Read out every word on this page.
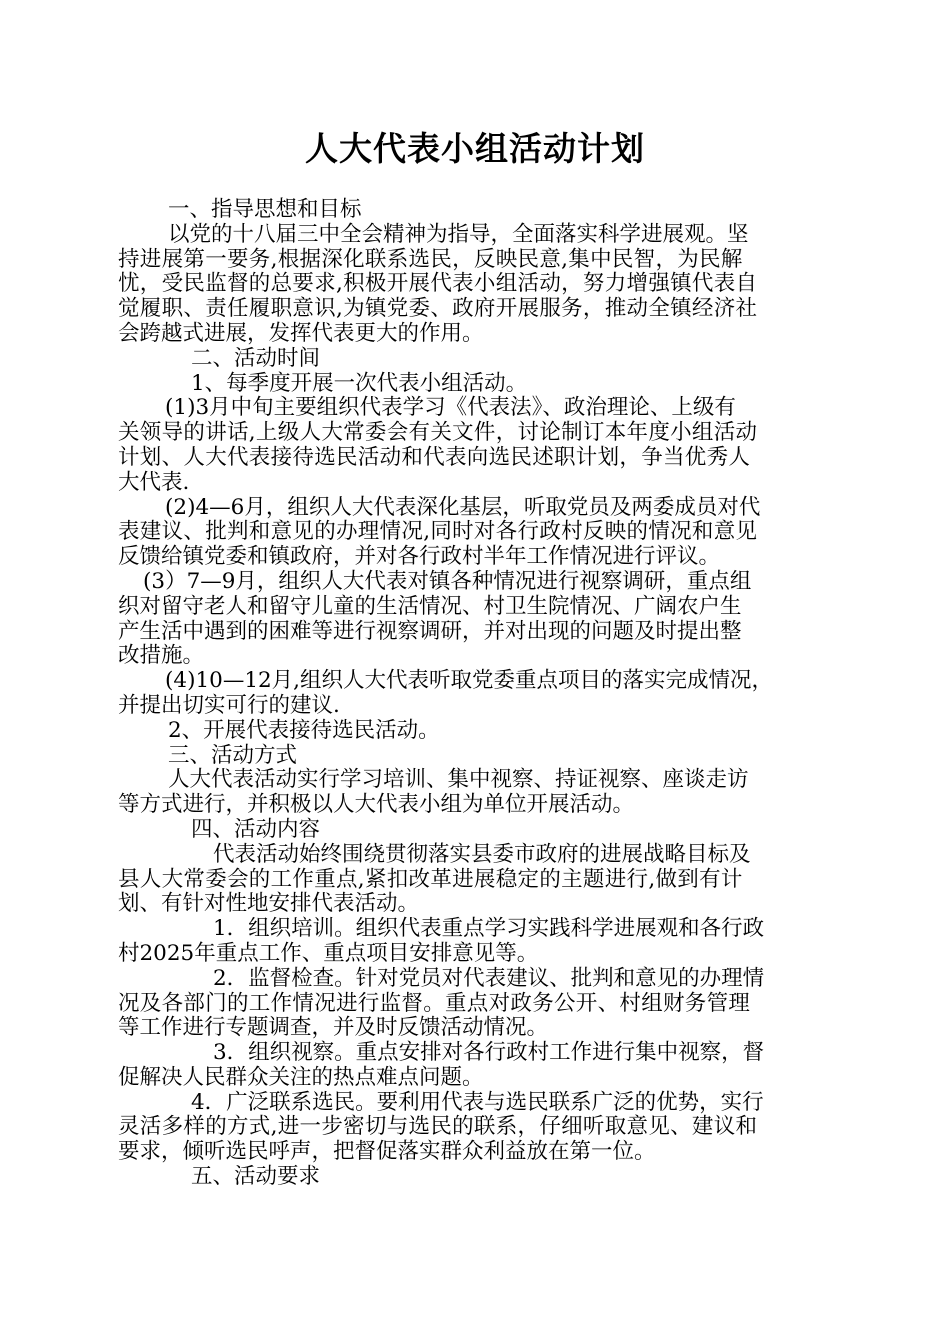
人大代表小组活动计划
一、指导思想和目标
以党的十八届三中全会精神为指导，全面落实科学进展观。坚
持进展第一要务,根据深化联系选民，反映民意,集中民智，为民解
忧，受民监督的总要求,积极开展代表小组活动，努力增强镇代表自
觉履职、责任履职意识,为镇党委、政府开展服务，推动全镇经济社
会跨越式进展，发挥代表更大的作用。
二、活动时间
1、每季度开展一次代表小组活动。
(1)3月中旬主要组织代表学习《代表法》、政治理论、上级有
关领导的讲话,上级人大常委会有关文件，讨论制订本年度小组活动
计划、人大代表接待选民活动和代表向选民述职计划，争当优秀人
大代表.
(2)4—6月，组织人大代表深化基层，听取党员及两委成员对代
表建议、批判和意见的办理情况,同时对各行政村反映的情况和意见
反馈给镇党委和镇政府，并对各行政村半年工作情况进行评议。
(3）7—9月，组织人大代表对镇各种情况进行视察调研，重点组
织对留守老人和留守儿童的生活情况、村卫生院情况、广阔农户生
产生活中遇到的困难等进行视察调研，并对出现的问题及时提出整
改措施。
(4)10—12月,组织人大代表听取党委重点项目的落实完成情况，
并提出切实可行的建议.
2、开展代表接待选民活动。
三、活动方式
人大代表活动实行学习培训、集中视察、持证视察、座谈走访
等方式进行，并积极以人大代表小组为单位开展活动。
四、活动内容
代表活动始终围绕贯彻落实县委市政府的进展战略目标及
县人大常委会的工作重点,紧扣改革进展稳定的主题进行,做到有计
划、有针对性地安排代表活动。
1．组织培训。组织代表重点学习实践科学进展观和各行政
村2025年重点工作、重点项目安排意见等。
2．监督检查。针对党员对代表建议、批判和意见的办理情
况及各部门的工作情况进行监督。重点对政务公开、村组财务管理
等工作进行专题调查，并及时反馈活动情况。
3．组织视察。重点安排对各行政村工作进行集中视察，督
促解决人民群众关注的热点难点问题。
4．广泛联系选民。要利用代表与选民联系广泛的优势，实行
灵活多样的方式,进一步密切与选民的联系，仔细听取意见、建议和
要求，倾听选民呼声，把督促落实群众利益放在第一位。
五、活动要求
